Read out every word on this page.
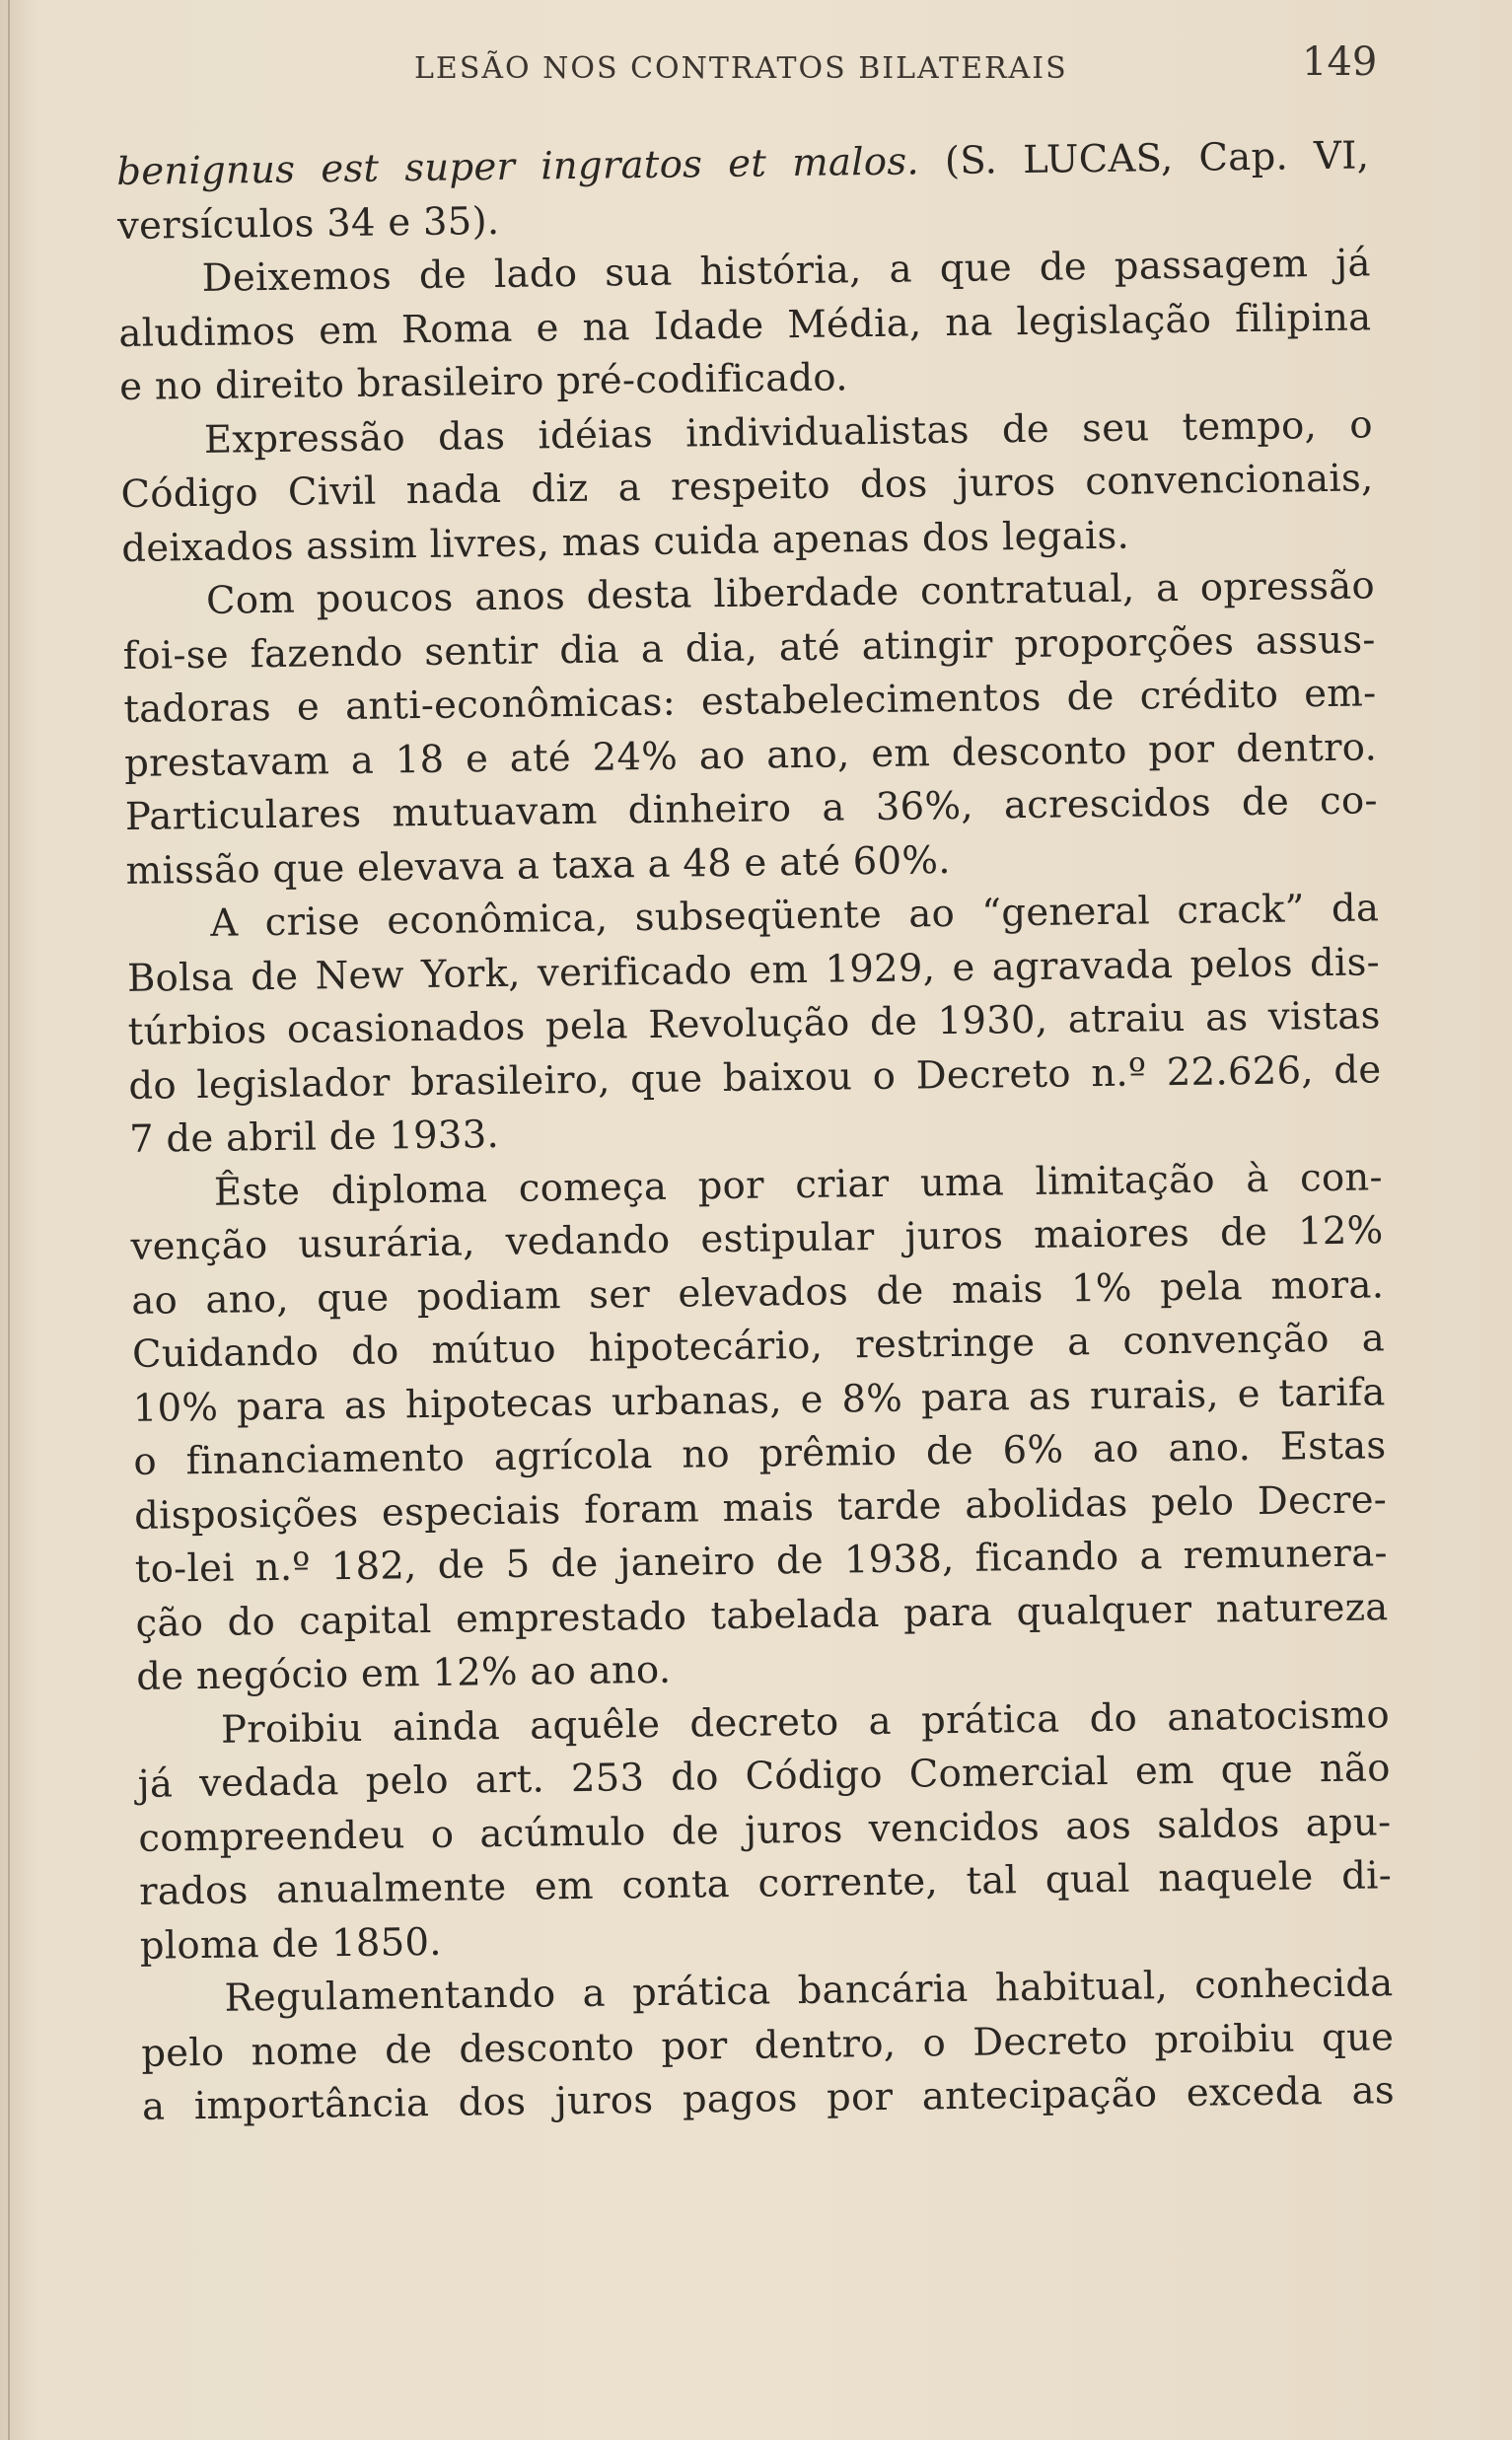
LESÃO NOS CONTRATOS BILATERAIS	149
benignus est super ingratos et malos. (S. LUCAS, Cap. VI,
versículos 34 e 35).
Deixemos de lado sua história, a que de passagem já
aludimos em Roma e na Idade Média, na legislação filipina
e no direito brasileiro pré-codificado.
Expressão das idéias individualistas de seu tempo, o
Código Civil nada diz a respeito dos juros convencionais,
deixados assim livres, mas cuida apenas dos legais.
Com poucos anos desta liberdade contratual, a opressão
foi-se fazendo sentir dia a dia, até atingir proporções assus-
tadoras e anti-econômicas: estabelecimentos de crédito em-
prestavam a 18 e até 24% ao ano, em desconto por dentro.
Particulares mutuavam dinheiro a 36%, acrescidos de co-
missão que elevava a taxa a 48 e até 60%.
A crise econômica, subseqüente ao “general crack” da
Bolsa de New York, verificado em 1929, e agravada pelos dis-
túrbios ocasionados pela Revolução de 1930, atraiu as vistas
do legislador brasileiro, que baixou o Decreto n.º 22.626, de
7 de abril de 1933.
Êste diploma começa por criar uma limitação à con-
venção usurária, vedando estipular juros maiores de 12%
ao ano, que podiam ser elevados de mais 1% pela mora.
Cuidando do mútuo hipotecário, restringe a convenção a
10% para as hipotecas urbanas, e 8% para as rurais, e tarifa
o financiamento agrícola no prêmio de 6% ao ano. Estas
disposições especiais foram mais tarde abolidas pelo Decre-
to-lei n.º 182, de 5 de janeiro de 1938, ficando a remunera-
ção do capital emprestado tabelada para qualquer natureza
de negócio em 12% ao ano.
Proibiu ainda aquêle decreto a prática do anatocismo
já vedada pelo art. 253 do Código Comercial em que não
compreendeu o acúmulo de juros vencidos aos saldos apu-
rados anualmente em conta corrente, tal qual naquele di-
ploma de 1850.
Regulamentando a prática bancária habitual, conhecida
pelo nome de desconto por dentro, o Decreto proibiu que
a importância dos juros pagos por antecipação exceda as
